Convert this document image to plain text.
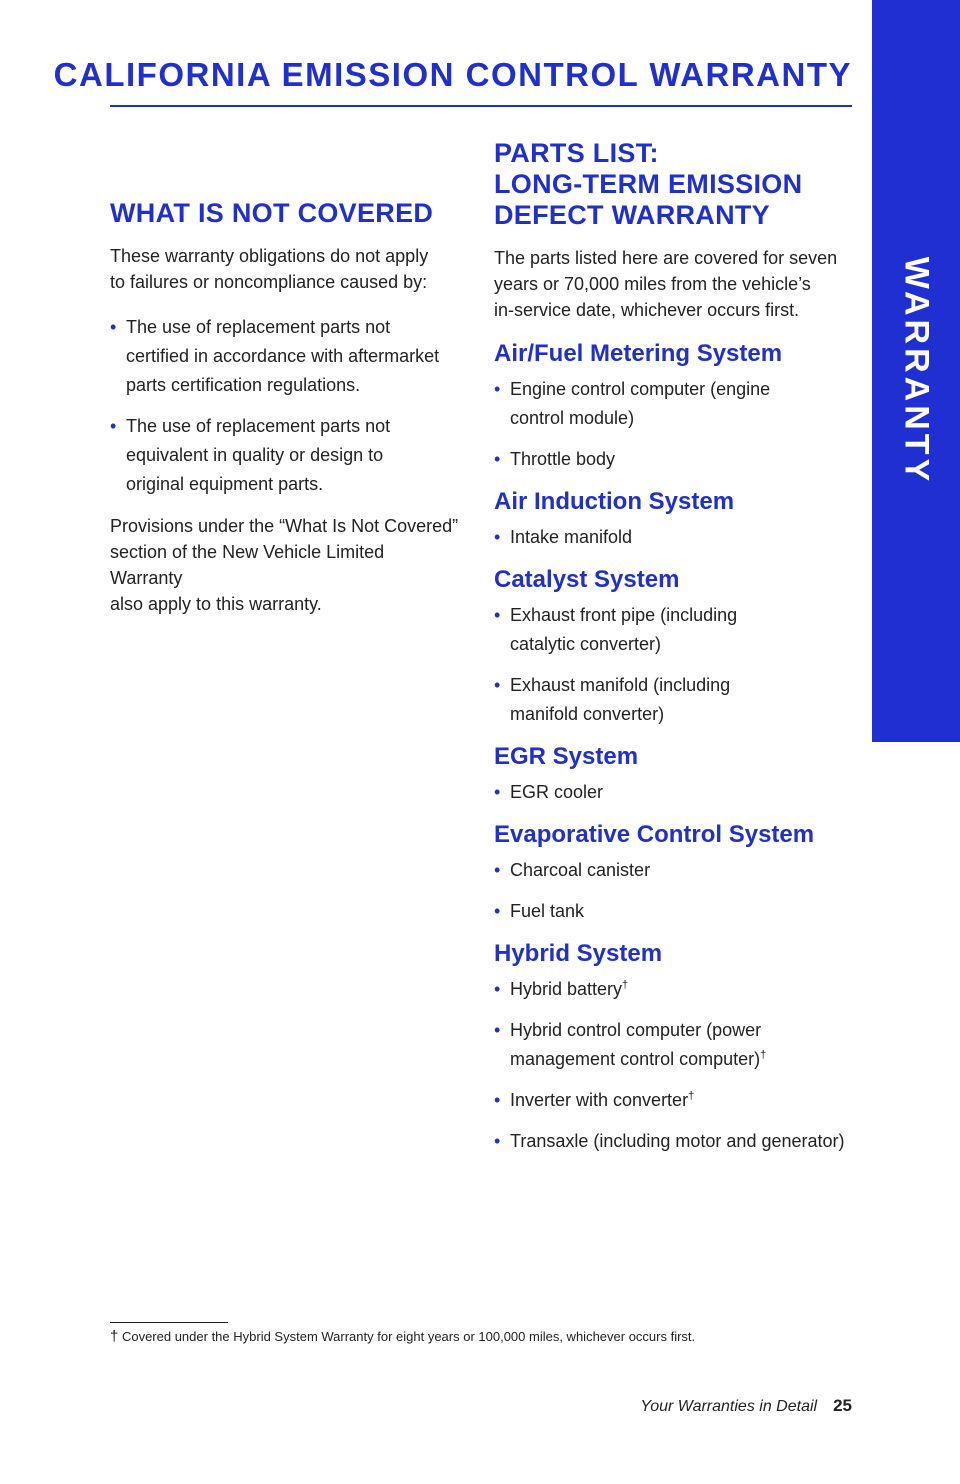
CALIFORNIA EMISSION CONTROL WARRANTY
WARRANTY
WHAT IS NOT COVERED

These warranty obligations do not apply
to failures or noncompliance caused by:

• The use of replacement parts not
certified in accordance with aftermarket
parts certification regulations.
• The use of replacement parts not
equivalent in quality or design to
original equipment parts.

Provisions under the “What Is Not Covered”
section of the New Vehicle Limited Warranty
also apply to this warranty.

PARTS LIST:
LONG-TERM EMISSION
DEFECT WARRANTY

The parts listed here are covered for seven
years or 70,000 miles from the vehicle’s
in-service date, whichever occurs first.

Air/Fuel Metering System
• Engine control computer (engine
control module)
• Throttle body
Air Induction System
• Intake manifold
Catalyst System
• Exhaust front pipe (including
catalytic converter)
• Exhaust manifold (including
manifold converter)
EGR System
• EGR cooler
Evaporative Control System
• Charcoal canister
• Fuel tank
Hybrid System
• Hybrid battery†
• Hybrid control computer (power
management control computer)†
• Inverter with converter†
• Transaxle (including motor and generator)
† Covered under the Hybrid System Warranty for eight years or 100,000 miles, whichever occurs first.
Your Warranties in Detail 25
